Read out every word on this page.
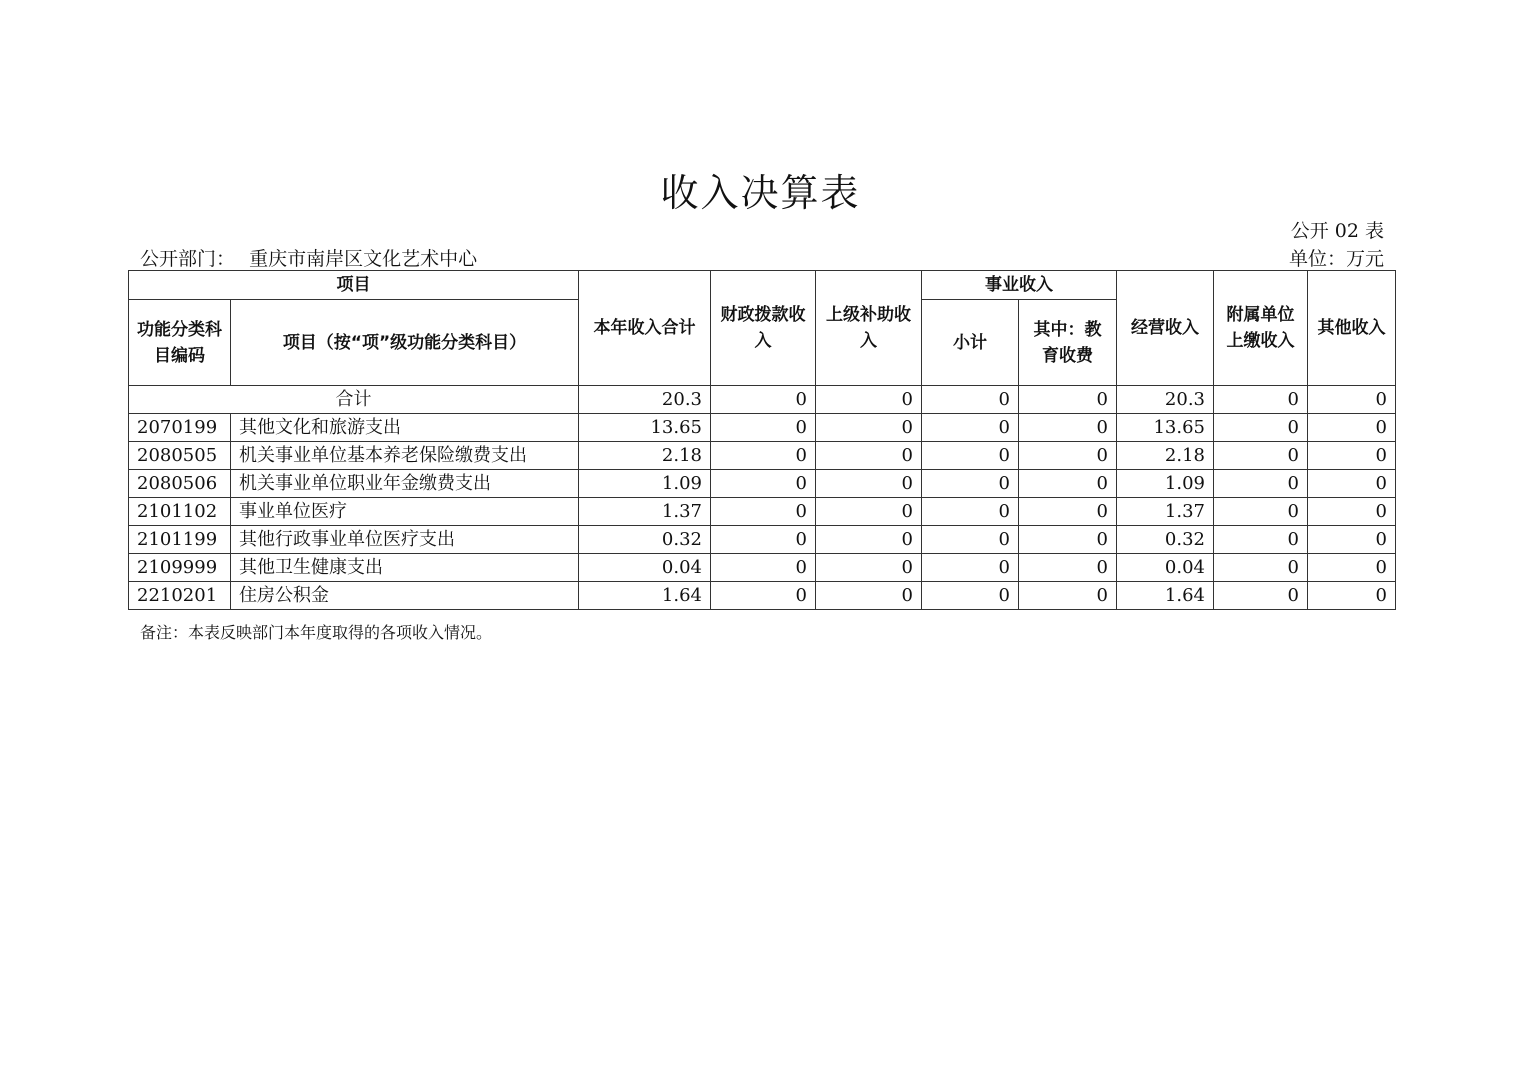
收入决算表
公开 02 表
公开部门： 重庆市南岸区文化艺术中心	单位：万元
项目		本年收入合计	财政拨款收入	上级补助收入	事业收入		经营收入	附属单位上缴收入	其他收入
功能分类科目编码	项目（按“项”级功能分类科目）				小计	其中：教育收费			
合计		20.3	0	0	0	0	20.3	0	0
2070199	其他文化和旅游支出	13.65	0	0	0	0	13.65	0	0
2080505	机关事业单位基本养老保险缴费支出	2.18	0	0	0	0	2.18	0	0
2080506	机关事业单位职业年金缴费支出	1.09	0	0	0	0	1.09	0	0
2101102	事业单位医疗	1.37	0	0	0	0	1.37	0	0
2101199	其他行政事业单位医疗支出	0.32	0	0	0	0	0.32	0	0
2109999	其他卫生健康支出	0.04	0	0	0	0	0.04	0	0
2210201	住房公积金	1.64	0	0	0	0	1.64	0	0
备注：本表反映部门本年度取得的各项收入情况。
